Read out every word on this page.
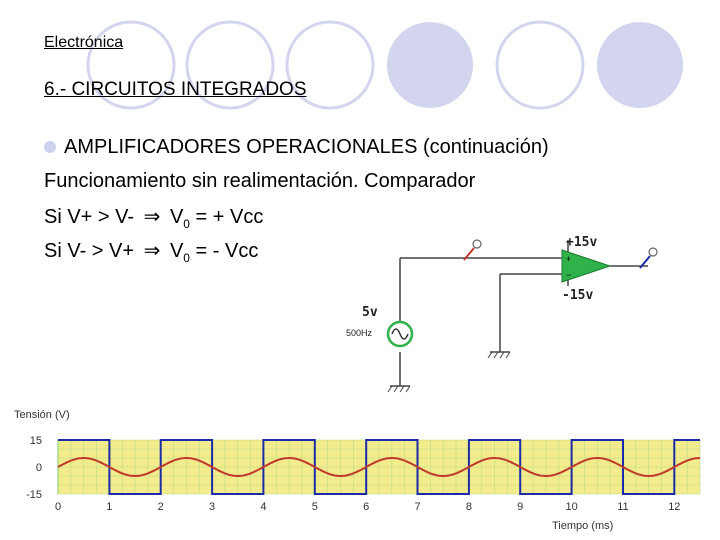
Electrónica
6.- CIRCUITOS INTEGRADOS
AMPLIFICADORES OPERACIONALES (continuación)
Funcionamiento sin realimentación. Comparador
Si V+ > V- ⇒ $V_0$ = + Vcc
Si V- > V+ ⇒ $V_0$ = - Vcc	+
−
+15v
-15v
5v
500Hz
Tensión (V)
15
0
-15
0	1	2	3	4	5	6	7	8	9	10	11	12
Tiempo (ms)
